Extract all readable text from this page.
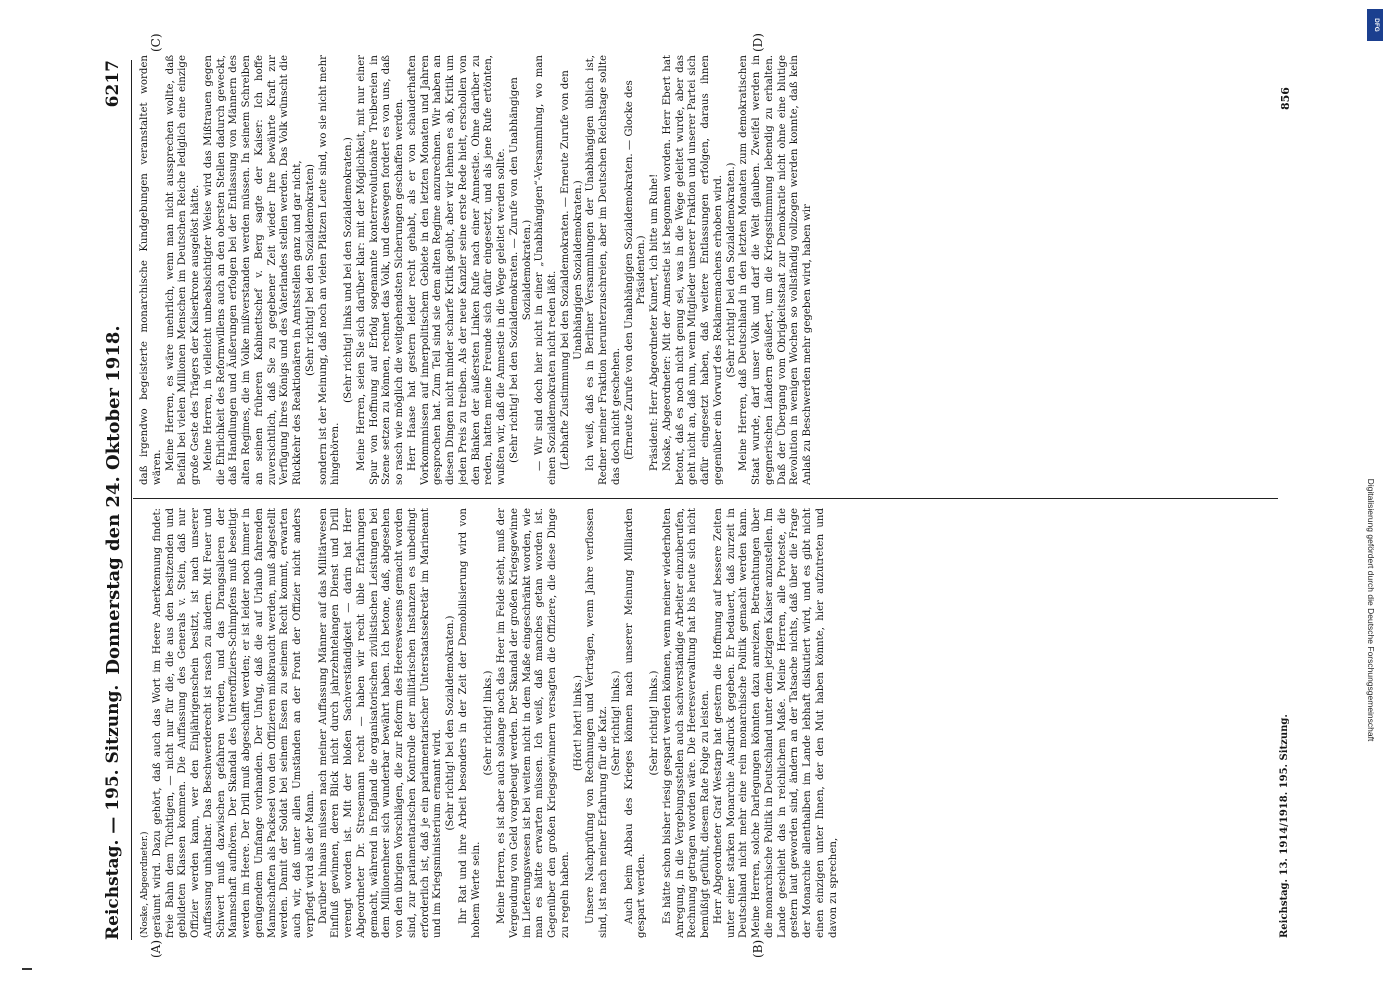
Reichstag. — 195. Sitzung.
Donnerstag den 24. Oktober 1918.
6217
(A)	(B)
(C)	(D)

(Noske, Abgeordneter.) geräumt wird. Dazu gehört, daß auch das Wort im Heere Anerkennung findet: freie Bahn dem Tüchtigen, — nicht nur für die, die aus den besitzenden und gebildeten Klassen kommen. Die Auffassung des Generals v. Stein, daß nur Offizier werden kann, wer den Einjährigenschein besitzt, ist nach unserer Auffassung unhaltbar. Das Beschwerderecht ist rasch zu ändern. Mit Feuer und Schwert muß dazwischen gefahren werden, und das Drangsalieren der Mannschaft aufhören. Der Skandal des Unteroffiziers-Schimpfens muß beseitigt werden im Heere. Der Drill muß abgeschafft werden; er ist leider noch immer in genügendem Umfange vorhanden. Der Unfug, daß die auf Urlaub fahrenden Mannschaften als Packesel von den Offizieren mißbraucht werden, muß abgestellt werden. Damit der Soldat bei seinem Essen zu seinem Recht kommt, erwarten auch wir, daß unter allen Umständen an der Front der Offizier nicht anders verpflegt wird als der Mann. Darüber hinaus müssen nach meiner Auffassung Männer auf das Militärwesen Einfluß gewinnen, deren Blick nicht durch jahrzehntelangen Dienst und Drill verengt worden ist. Mit der bloßen Sachverständigkeit — darin hat Herr Abgeordneter Dr. Stresemann recht — haben wir recht üble Erfahrungen gemacht, während in England die organisatorischen zivilistischen Leistungen bei dem Millionenheer sich wunderbar bewährt haben. Ich betone, daß, abgesehen von den übrigen Vorschlägen, die zur Reform des Heereswesens gemacht worden sind, zur parlamentarischen Kontrolle der militärischen Instanzen es unbedingt erforderlich ist, daß je ein parlamentarischer Unterstaatssekretär im Marineamt und im Kriegsministerium ernannt wird.

(Sehr richtig! bei den Sozialdemokraten.) Ihr Rat und ihre Arbeit besonders in der Zeit der Demobilisierung wird von hohem Werte sein.

(Sehr richtig! links.) Meine Herren, es ist aber auch solange noch das Heer im Felde steht, muß der Vergeudung von Geld vorgebeugt werden. Der Skandal der großen Kriegsgewinne im Lieferungswesen ist bei weitem nicht in dem Maße eingeschränkt worden, wie man es hätte erwarten müssen. Ich weiß, daß manches getan worden ist. Gegenüber den großen Kriegsgewinnern versagten die Offiziere, die diese Dinge zu regeln haben.

(Hört! hört! links.) Unsere Nachprüfung von Rechnungen und Verträgen, wenn Jahre verflossen sind, ist nach meiner Erfahrung für die Katz. (Sehr richtig! links.) Auch beim Abbau des Krieges können nach unserer Meinung Milliarden gespart werden.

(Sehr richtig! links.) Es hätte schon bisher riesig gespart werden können, wenn meiner wiederholten Anregung, in die Vergebungsstellen auch sachverständige Arbeiter einzuberufen, Rechnung getragen worden wäre. Die Heeresverwaltung hat bis heute sich nicht bemüßigt gefühlt, diesem Rate Folge zu leisten. Herr Abgeordneter Graf Westarp hat gestern die Hoffnung auf bessere Zeiten unter einer starken Monarchie Ausdruck gegeben. Er bedauert, daß zurzeit in Deutschland nicht mehr eine rein monarchische Politik gemacht werden kann. Meine Herren, solche Darlegungen könnten dazu anreizen, Betrachtungen über die monarchische Politik in Deutschland unter dem jetzigen Kaiser anzustellen. Im Lande geschieht das in reichlichem Maße. Meine Herren, alle Proteste, die gestern laut geworden sind, ändern an der Tatsache nichts, daß über die Frage der Monarchie allenthalben im Lande lebhaft diskutiert wird, und es gibt nicht einen einzigen unter Ihnen, der den Mut haben könnte, hier aufzutreten und davon zu sprechen,

daß irgendwo begeisterte monarchische Kundgebungen veranstaltet worden wären. Meine Herren, es wäre unehrlich, wenn man nicht aussprechen wollte, daß Beifall bei vielen Millionen Menschen im Deutschen Reiche lediglich eine einzige große Geste des Trägers der Kaiserkrone ausgelöst hätte. Meine Herren, in vielleicht unbeabsichtigter Weise wird das Mißtrauen gegen die Ehrlichkeit des Reformwillens auch an den obersten Stellen dadurch geweckt, daß Handlungen und Äußerungen erfolgen bei der Entlassung von Männern des alten Regimes, die im Volke mißverstanden werden müssen. In seinem Schreiben an seinen früheren Kabinettschef v. Berg sagte der Kaiser: Ich hoffe zuversichtlich, daß Sie zu gegebener Zeit wieder Ihre bewährte Kraft zur Verfügung Ihres Königs und des Vaterlandes stellen werden. Das Volk wünscht die Rückkehr des Reaktionären in Amtsstellen ganz und gar nicht, (Sehr richtig! bei den Sozialdemokraten) sondern ist der Meinung, daß noch an vielen Plätzen Leute sind, wo sie nicht mehr hingehören.

(Sehr richtig! links und bei den Sozialdemokraten.) Meine Herren, seien Sie sich darüber klar: mit der Möglichkeit, mit nur einer Spur von Hoffnung auf Erfolg sogenannte konterrevolutionäre Treibereien in Szene setzen zu können, rechnet das Volk, und deswegen fordert es von uns, daß so rasch wie möglich die weitgehendsten Sicherungen geschaffen werden. Herr Haase hat gestern leider recht gehabt, als er von schauderhaften Vorkommnissen auf innerpolitischem Gebiete in den letzten Monaten und Jahren gesprochen hat. Zum Teil sind sie dem alten Regime anzurechnen. Wir haben an diesen Dingen nicht minder scharfe Kritik geübt, aber wir lehnen es ab, Kritik um jeden Preis zu treiben. Als der neue Kanzler seine erste Rede hielt, erschollen von den Bänken der äußersten Linken Rufe nach einer Amnestie. Ohne darüber zu reden, hatten meine Freunde sich dafür eingesetzt, und als jene Rufe ertönten, wußten wir, daß die Amnestie in die Wege geleitet werden sollte. (Sehr richtig! bei den Sozialdemokraten. — Zurufe von den Unabhängigen Sozialdemokraten.) — Wir sind doch hier nicht in einer „Unabhängigen“-Versammlung, wo man einen Sozialdemokraten nicht reden läßt. (Lebhafte Zustimmung bei den Sozialdemokraten. — Erneute Zurufe von den Unabhängigen Sozialdemokraten.) Ich weiß, daß es in Berliner Versammlungen der Unabhängigen üblich ist, Redner meiner Fraktion herunterzuschreien, aber im Deutschen Reichstage sollte das doch nicht geschehen. (Erneute Zurufe von den Unabhängigen Sozialdemokraten. — Glocke des Präsidenten.) Präsident: Herr Abgeordneter Kunert, ich bitte um Ruhe! Noske, Abgeordneter: Mit der Amnestie ist begonnen worden. Herr Ebert hat betont, daß es noch nicht genug sei, was in die Wege geleitet wurde, aber das geht nicht an, daß nun, wenn Mitglieder unserer Fraktion und unserer Partei sich dafür eingesetzt haben, daß weitere Entlassungen erfolgen, daraus ihnen gegenüber ein Vorwurf des Reklamemachens erhoben wird. (Sehr richtig! bei den Sozialdemokraten.) Meine Herren, daß Deutschland in den letzten Monaten zum demokratischen Staat wurde, darf unser Volk und darf die Welt glauben. Zweifel werden in gegnerischen Ländern geäußert, um die Kriegsstimmung lebendig zu erhalten. Daß der Übergang vom Obrigkeitsstaat zur Demokratie nicht ohne eine blutige Revolution in wenigen Wochen so vollständig vollzogen werden konnte, daß kein Anlaß zu Beschwerden mehr gegeben wird, haben wir

Reichstag. 13. 1914/1918. 195. Sitzung.
856
DFG
Digitalisierung gefördert durch die Deutsche Forschungsgemeinschaft
